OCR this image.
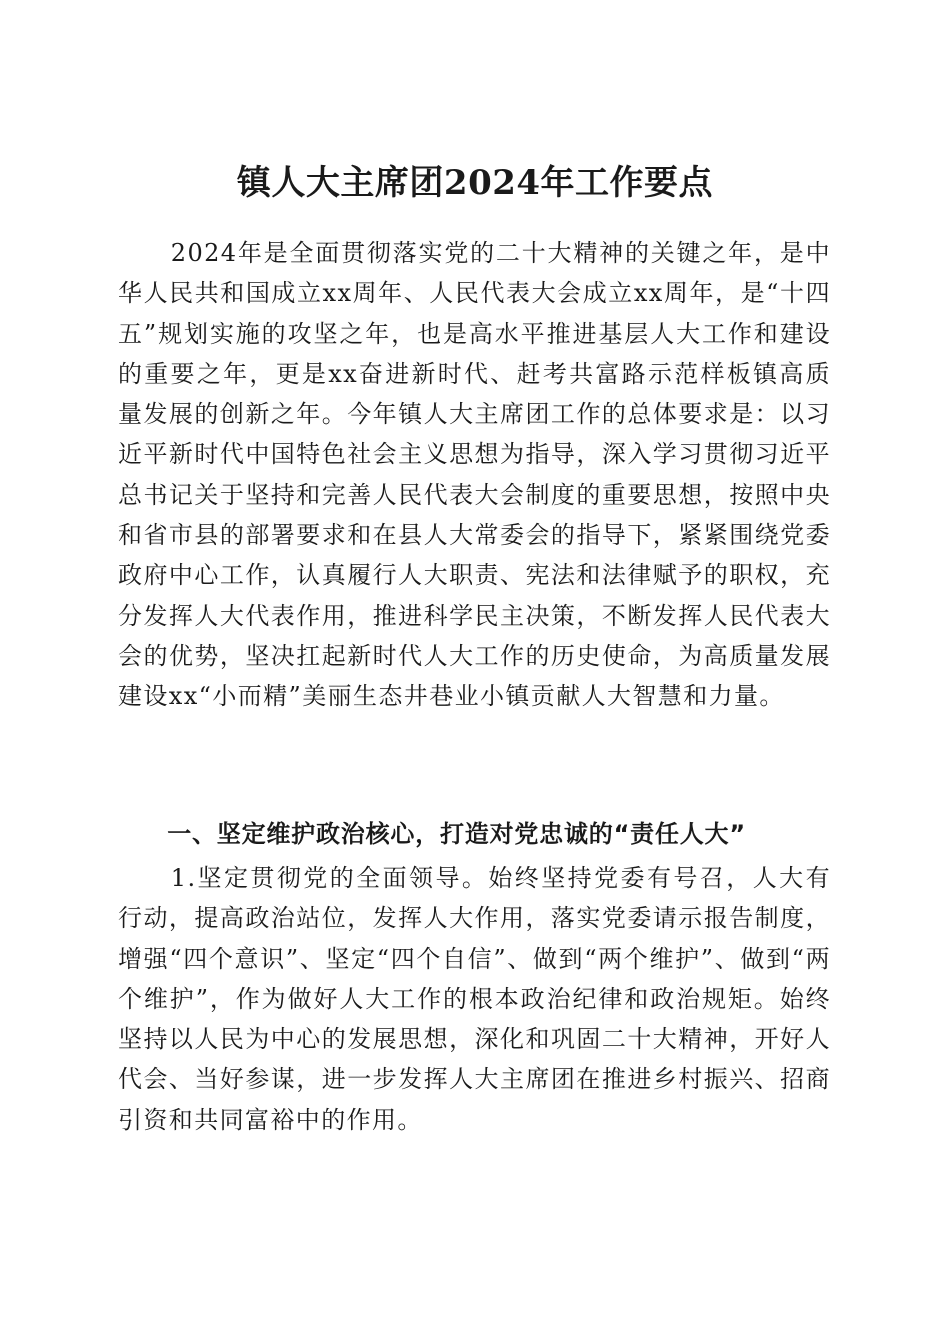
镇人大主席团2024年工作要点

2024年是全面贯彻落实党的二十大精神的关键之年，是中华人民共和国成立xx周年、人民代表大会成立xx周年，是“十四五”规划实施的攻坚之年，也是高水平推进基层人大工作和建设的重要之年，更是xx奋进新时代、赶考共富路示范样板镇高质量发展的创新之年。今年镇人大主席团工作的总体要求是：以习近平新时代中国特色社会主义思想为指导，深入学习贯彻习近平总书记关于坚持和完善人民代表大会制度的重要思想，按照中央和省市县的部署要求和在县人大常委会的指导下，紧紧围绕党委政府中心工作，认真履行人大职责、宪法和法律赋予的职权，充分发挥人大代表作用，推进科学民主决策，不断发挥人民代表大会的优势，坚决扛起新时代人大工作的历史使命，为高质量发展建设xx“小而精”美丽生态井巷业小镇贡献人大智慧和力量。

一、坚定维护政治核心，打造对党忠诚的“责任人大”

1.坚定贯彻党的全面领导。始终坚持党委有号召，人大有行动，提高政治站位，发挥人大作用，落实党委请示报告制度，增强“四个意识”、坚定“四个自信”、做到“两个维护”、做到“两个维护”，作为做好人大工作的根本政治纪律和政治规矩。始终坚持以人民为中心的发展思想，深化和巩固二十大精神，开好人代会、当好参谋，进一步发挥人大主席团在推进乡村振兴、招商引资和共同富裕中的作用。
